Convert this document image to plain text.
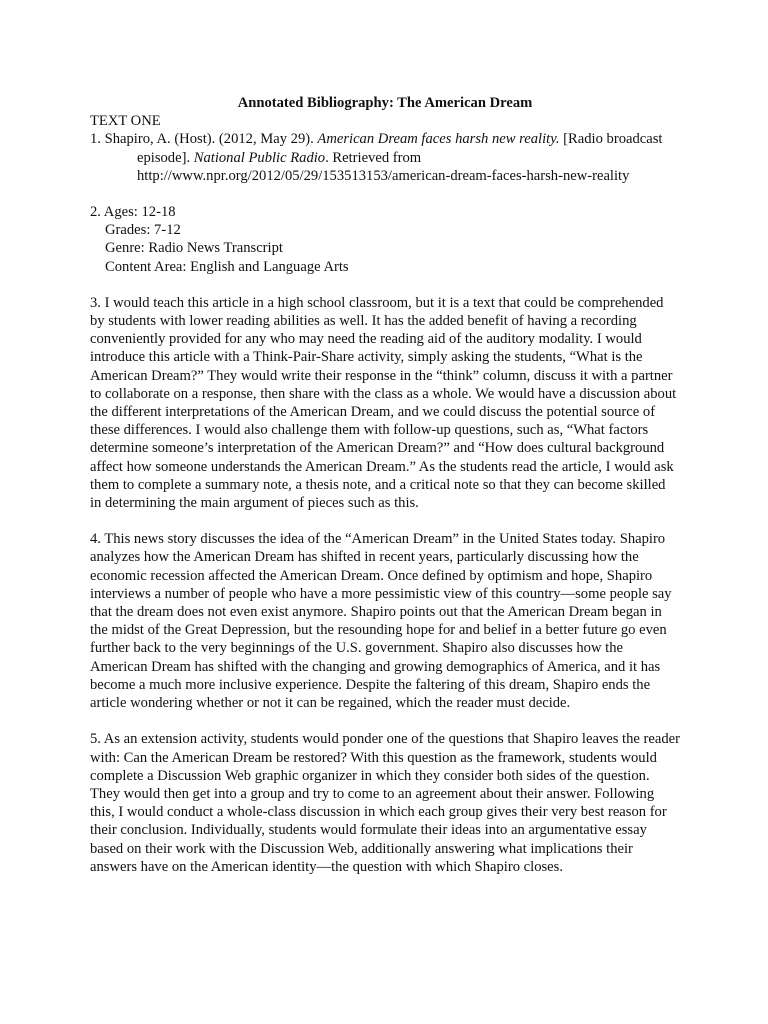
Annotated Bibliography: The American Dream

TEXT ONE

1. Shapiro, A. (Host). (2012, May 29). American Dream faces harsh new reality. [Radio broadcast episode]. National Public Radio. Retrieved from http://www.npr.org/2012/05/29/153513153/american-dream-faces-harsh-new-reality

2. Ages: 12-18
Grades: 7-12
Genre: Radio News Transcript
Content Area: English and Language Arts

3. I would teach this article in a high school classroom, but it is a text that could be comprehended by students with lower reading abilities as well. It has the added benefit of having a recording conveniently provided for any who may need the reading aid of the auditory modality. I would introduce this article with a Think-Pair-Share activity, simply asking the students, “What is the American Dream?” They would write their response in the “think” column, discuss it with a partner to collaborate on a response, then share with the class as a whole. We would have a discussion about the different interpretations of the American Dream, and we could discuss the potential source of these differences. I would also challenge them with follow-up questions, such as, “What factors determine someone’s interpretation of the American Dream?” and “How does cultural background affect how someone understands the American Dream.” As the students read the article, I would ask them to complete a summary note, a thesis note, and a critical note so that they can become skilled in determining the main argument of pieces such as this.

4. This news story discusses the idea of the “American Dream” in the United States today. Shapiro analyzes how the American Dream has shifted in recent years, particularly discussing how the economic recession affected the American Dream. Once defined by optimism and hope, Shapiro interviews a number of people who have a more pessimistic view of this country—some people say that the dream does not even exist anymore. Shapiro points out that the American Dream began in the midst of the Great Depression, but the resounding hope for and belief in a better future go even further back to the very beginnings of the U.S. government. Shapiro also discusses how the American Dream has shifted with the changing and growing demographics of America, and it has become a much more inclusive experience. Despite the faltering of this dream, Shapiro ends the article wondering whether or not it can be regained, which the reader must decide.

5. As an extension activity, students would ponder one of the questions that Shapiro leaves the reader with: Can the American Dream be restored? With this question as the framework, students would complete a Discussion Web graphic organizer in which they consider both sides of the question. They would then get into a group and try to come to an agreement about their answer. Following this, I would conduct a whole-class discussion in which each group gives their very best reason for their conclusion. Individually, students would formulate their ideas into an argumentative essay based on their work with the Discussion Web, additionally answering what implications their answers have on the American identity—the question with which Shapiro closes.
